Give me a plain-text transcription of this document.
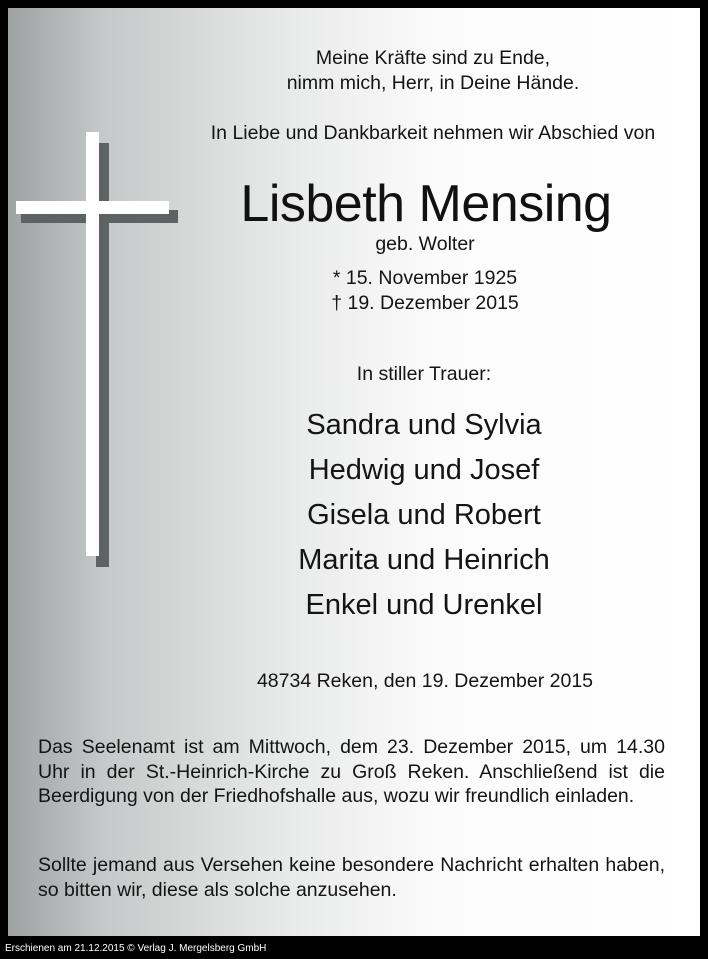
Meine Kräfte sind zu Ende,
nimm mich, Herr, in Deine Hände.

In Liebe und Dankbarkeit nehmen wir Abschied von

Lisbeth Mensing

geb. Wolter

* 15. November 1925
† 19. Dezember 2015

In stiller Trauer:

Sandra und Sylvia
Hedwig und Josef
Gisela und Robert
Marita und Heinrich
Enkel und Urenkel

48734 Reken, den 19. Dezember 2015

Das Seelenamt ist am Mittwoch, dem 23. Dezember 2015, um 14.30 Uhr in der St.-Heinrich-Kirche zu Groß Reken. Anschließend ist die Beerdigung von der Friedhofshalle aus, wozu wir freundlich einladen.

Sollte jemand aus Versehen keine besondere Nachricht erhalten haben, so bitten wir, diese als solche anzusehen.

Erschienen am 21.12.2015 © Verlag J. Mergelsberg GmbH
